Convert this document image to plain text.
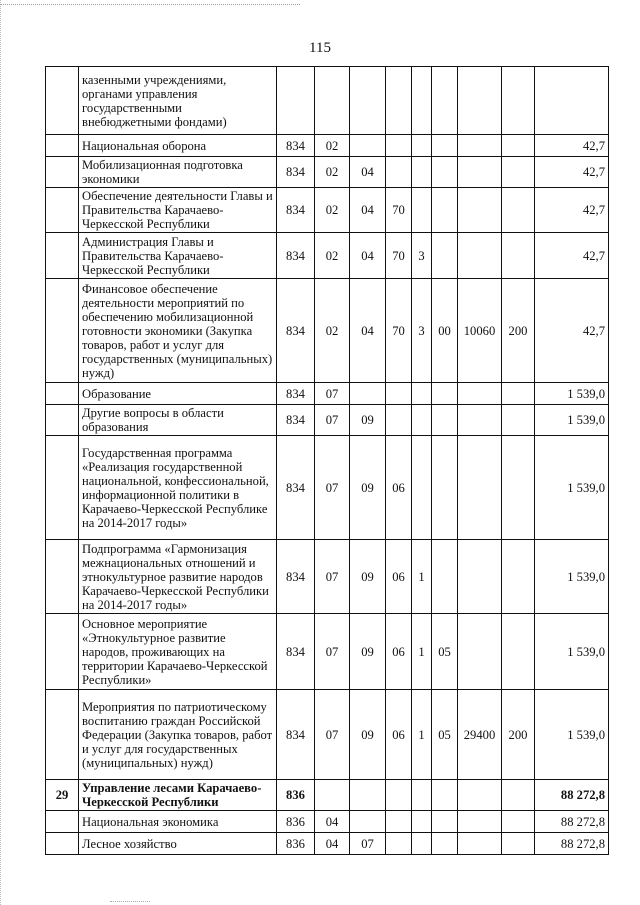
115
	казенными учреждениями, органами управления государственными внебюджетными фондами)									
	Национальная оборона	834	02							42,7
	Мобилизационная подготовка экономики	834	02	04						42,7
	Обеспечение деятельности Главы и Правительства Карачаево-Черкесской Республики	834	02	04	70					42,7
	Администрация Главы и Правительства Карачаево-Черкесской Республики	834	02	04	70	3				42,7
	Финансовое обеспечение деятельности мероприятий по обеспечению мобилизационной готовности экономики (Закупка товаров, работ и услуг для государственных (муниципальных) нужд)	834	02	04	70	3	00	10060	200	42,7
	Образование	834	07							1 539,0
	Другие вопросы в области образования	834	07	09						1 539,0
	Государственная программа «Реализация государственной национальной, конфессиональной, информационной политики в Карачаево-Черкесской Республике на 2014-2017 годы»	834	07	09	06					1 539,0
	Подпрограмма «Гармонизация межнациональных отношений и этнокультурное развитие народов Карачаево-Черкесской Республики на 2014-2017 годы»	834	07	09	06	1				1 539,0
	Основное мероприятие «Этнокультурное развитие народов, проживающих на территории Карачаево-Черкесской Республики»	834	07	09	06	1	05			1 539,0
	Мероприятия по патриотическому воспитанию граждан Российской Федерации (Закупка товаров, работ и услуг для государственных (муниципальных) нужд)	834	07	09	06	1	05	29400	200	1 539,0
29	Управление лесами Карачаево-Черкесской Республики	836								88 272,8
	Национальная экономика	836	04							88 272,8
	Лесное хозяйство	836	04	07						88 272,8
